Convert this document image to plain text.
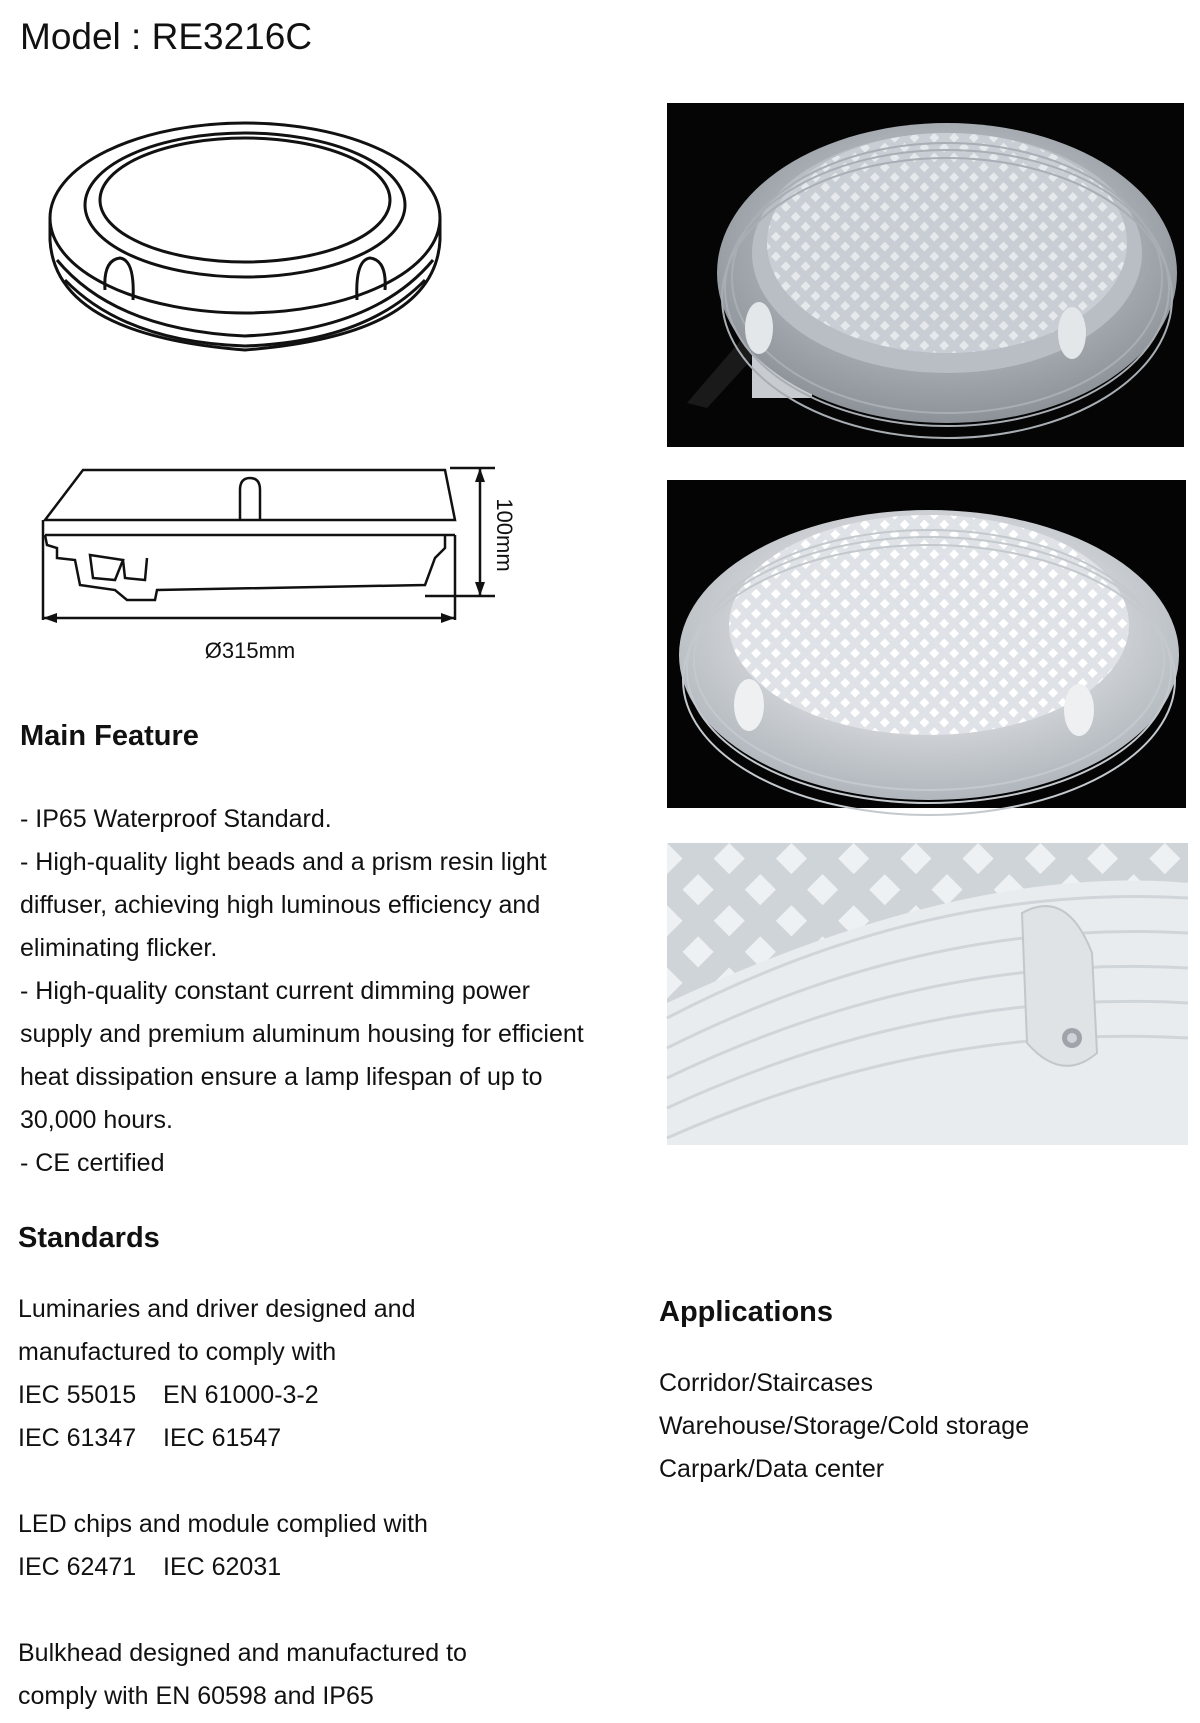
Model : RE3216C
100mm
Ø315mm
Main Feature
- IP65 Waterproof Standard.
- High-quality light beads and a prism resin light
diffuser, achieving high luminous efficiency and
eliminating flicker.
- High-quality constant current dimming power
supply and premium aluminum housing for efficient
heat dissipation ensure a lamp lifespan of up to
30,000 hours.
- CE certified
Standards
Luminaries and driver designed and
manufactured to comply with
IEC 55015	EN 61000-3-2
IEC 61347	IEC 61547
LED chips and module complied with
IEC 62471	IEC 62031
Bulkhead designed and manufactured to
comply with EN 60598 and IP65
Applications
Corridor/Staircases
Warehouse/Storage/Cold storage
Carpark/Data center
